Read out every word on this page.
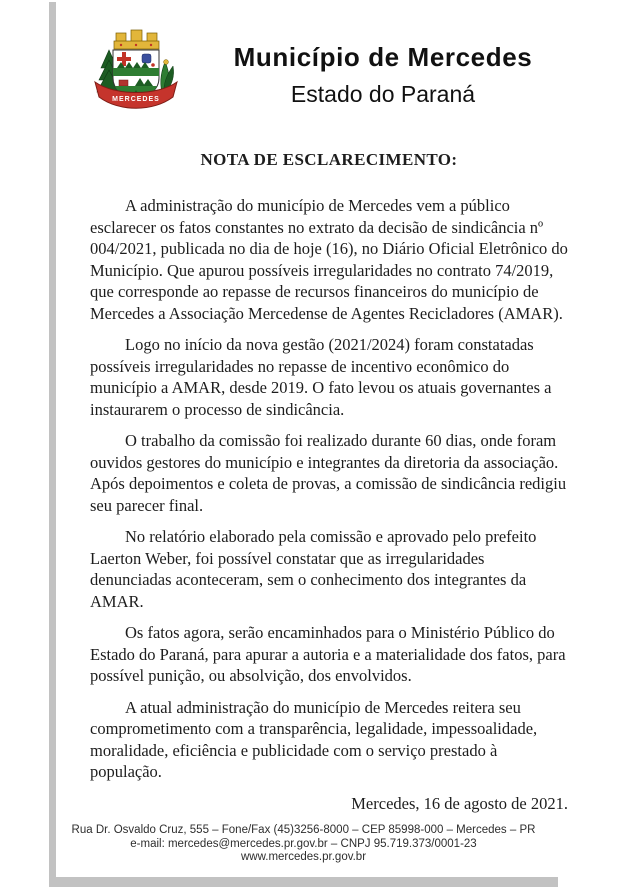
MERCEDES
Município de Mercedes
Estado do Paraná
NOTA DE ESCLARECIMENTO:

A administração do município de Mercedes vem a público esclarecer os fatos constantes no extrato da decisão de sindicância nº 004/2021, publicada no dia de hoje (16), no Diário Oficial Eletrônico do Município. Que apurou possíveis irregularidades no contrato 74/2019, que corresponde ao repasse de recursos financeiros do município de Mercedes a Associação Mercedense de Agentes Recicladores (AMAR).

Logo no início da nova gestão (2021/2024) foram constatadas possíveis irregularidades no repasse de incentivo econômico do município a AMAR, desde 2019. O fato levou os atuais governantes a instaurarem o processo de sindicância.

O trabalho da comissão foi realizado durante 60 dias, onde foram ouvidos gestores do município e integrantes da diretoria da associação. Após depoimentos e coleta de provas, a comissão de sindicância redigiu seu parecer final.

No relatório elaborado pela comissão e aprovado pelo prefeito Laerton Weber, foi possível constatar que as irregularidades denunciadas aconteceram, sem o conhecimento dos integrantes da AMAR.

Os fatos agora, serão encaminhados para o Ministério Público do Estado do Paraná, para apurar a autoria e a materialidade dos fatos, para possível punição, ou absolvição, dos envolvidos.

A atual administração do município de Mercedes reitera seu comprometimento com a transparência, legalidade, impessoalidade, moralidade, eficiência e publicidade com o serviço prestado à população.

Mercedes, 16 de agosto de 2021.

Rua Dr. Osvaldo Cruz, 555 – Fone/Fax (45)3256-8000 – CEP 85998-000 – Mercedes – PR
e-mail: mercedes@mercedes.pr.gov.br – CNPJ 95.719.373/0001-23
www.mercedes.pr.gov.br
